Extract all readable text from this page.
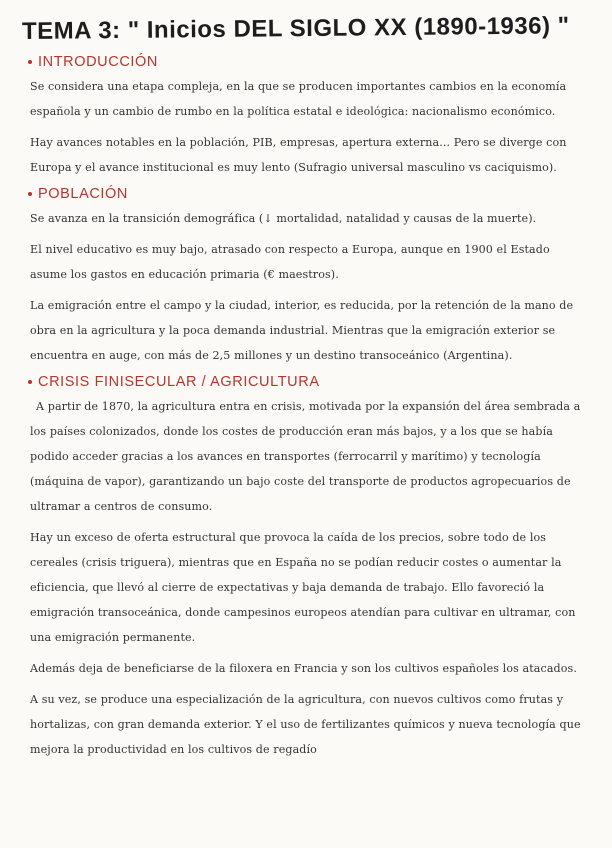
TEMA 3: " Inicios DEL SIGLO XX (1890-1936) "
INTRODUCCIÓN

Se considera una etapa compleja, en la que se producen importantes cambios en la economía española y un cambio de rumbo en la política estatal e ideológica: nacionalismo económico.

Hay avances notables en la población, PIB, empresas, apertura externa... Pero se diverge con Europa y el avance institucional es muy lento (Sufragio universal masculino vs caciquismo).

POBLACIÓN

Se avanza en la transición demográfica (↓ mortalidad, natalidad y causas de la muerte).

El nivel educativo es muy bajo, atrasado con respecto a Europa, aunque en 1900 el Estado asume los gastos en educación primaria (€ maestros).

La emigración entre el campo y la ciudad, interior, es reducida, por la retención de la mano de obra en la agricultura y la poca demanda industrial. Mientras que la emigración exterior se encuentra en auge, con más de 2,5 millones y un destino transoceánico (Argentina).

CRISIS FINISECULAR / AGRICULTURA

A partir de 1870, la agricultura entra en crisis, motivada por la expansión del área sembrada a los países colonizados, donde los costes de producción eran más bajos, y a los que se había podido acceder gracias a los avances en transportes (ferrocarril y marítimo) y tecnología (máquina de vapor), garantizando un bajo coste del transporte de productos agropecuarios de ultramar a centros de consumo.

Hay un exceso de oferta estructural que provoca la caída de los precios, sobre todo de los cereales (crisis triguera), mientras que en España no se podían reducir costes o aumentar la eficiencia, que llevó al cierre de expectativas y baja demanda de trabajo. Ello favoreció la emigración transoceánica, donde campesinos europeos atendían para cultivar en ultramar, con una emigración permanente.

Además deja de beneficiarse de la filoxera en Francia y son los cultivos españoles los atacados.

A su vez, se produce una especialización de la agricultura, con nuevos cultivos como frutas y hortalizas, con gran demanda exterior. Y el uso de fertilizantes químicos y nueva tecnología que mejora la productividad en los cultivos de regadío
